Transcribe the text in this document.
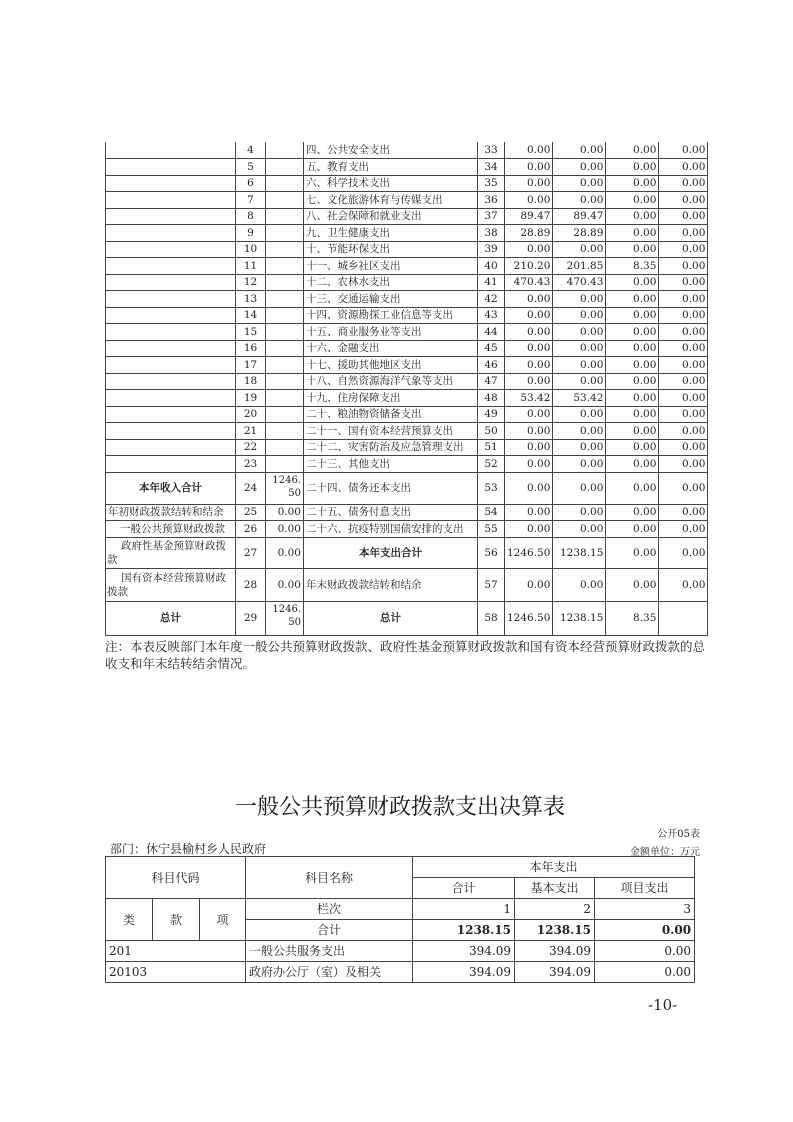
	4		四、公共安全支出	33	0.00	0.00	0.00	0.00
	5		五、教育支出	34	0.00	0.00	0.00	0.00
	6		六、科学技术支出	35	0.00	0.00	0.00	0.00
	7		七、文化旅游体育与传媒支出	36	0.00	0.00	0.00	0.00
	8		八、社会保障和就业支出	37	89.47	89.47	0.00	0.00
	9		九、卫生健康支出	38	28.89	28.89	0.00	0.00
	10		十、节能环保支出	39	0.00	0.00	0.00	0.00
	11		十一、城乡社区支出	40	210.20	201.85	8.35	0.00
	12		十二、农林水支出	41	470.43	470.43	0.00	0.00
	13		十三、交通运输支出	42	0.00	0.00	0.00	0.00
	14		十四、资源勘探工业信息等支出	43	0.00	0.00	0.00	0.00
	15		十五、商业服务业等支出	44	0.00	0.00	0.00	0.00
	16		十六、金融支出	45	0.00	0.00	0.00	0.00
	17		十七、援助其他地区支出	46	0.00	0.00	0.00	0.00
	18		十八、自然资源海洋气象等支出	47	0.00	0.00	0.00	0.00
	19		十九、住房保障支出	48	53.42	53.42	0.00	0.00
	20		二十、粮油物资储备支出	49	0.00	0.00	0.00	0.00
	21		二十一、国有资本经营预算支出	50	0.00	0.00	0.00	0.00
	22		二十二、灾害防治及应急管理支出	51	0.00	0.00	0.00	0.00
	23		二十三、其他支出	52	0.00	0.00	0.00	0.00
本年收入合计	24	1246.50	二十四、债务还本支出	53	0.00	0.00	0.00	0.00
年初财政拨款结转和结余	25	0.00	二十五、债务付息支出	54	0.00	0.00	0.00	0.00
一般公共预算财政拨款	26	0.00	二十六、抗疫特别国债安排的支出	55	0.00	0.00	0.00	0.00
政府性基金预算财政拨款	27	0.00	本年支出合计	56	1246.50	1238.15	0.00	0.00
国有资本经营预算财政拨款	28	0.00	年末财政拨款结转和结余	57	0.00	0.00	0.00	0.00
总计	29	1246.50	总计	58	1246.50	1238.15	8.35	
注：本表反映部门本年度一般公共预算财政拨款、政府性基金预算财政拨款和国有资本经营预算财政拨款的总收支和年末结转结余情况。
一般公共预算财政拨款支出决算表
公开05表
部门：休宁县榆村乡人民政府	金额单位：万元
科目代码			科目名称	本年支出		
				合计	基本支出	项目支出
类	款	项	栏次	1	2	3
			合计	1238.15	1238.15	0.00
201			一般公共服务支出	394.09	394.09	0.00
20103			政府办公厅（室）及相关	394.09	394.09	0.00
-10-
